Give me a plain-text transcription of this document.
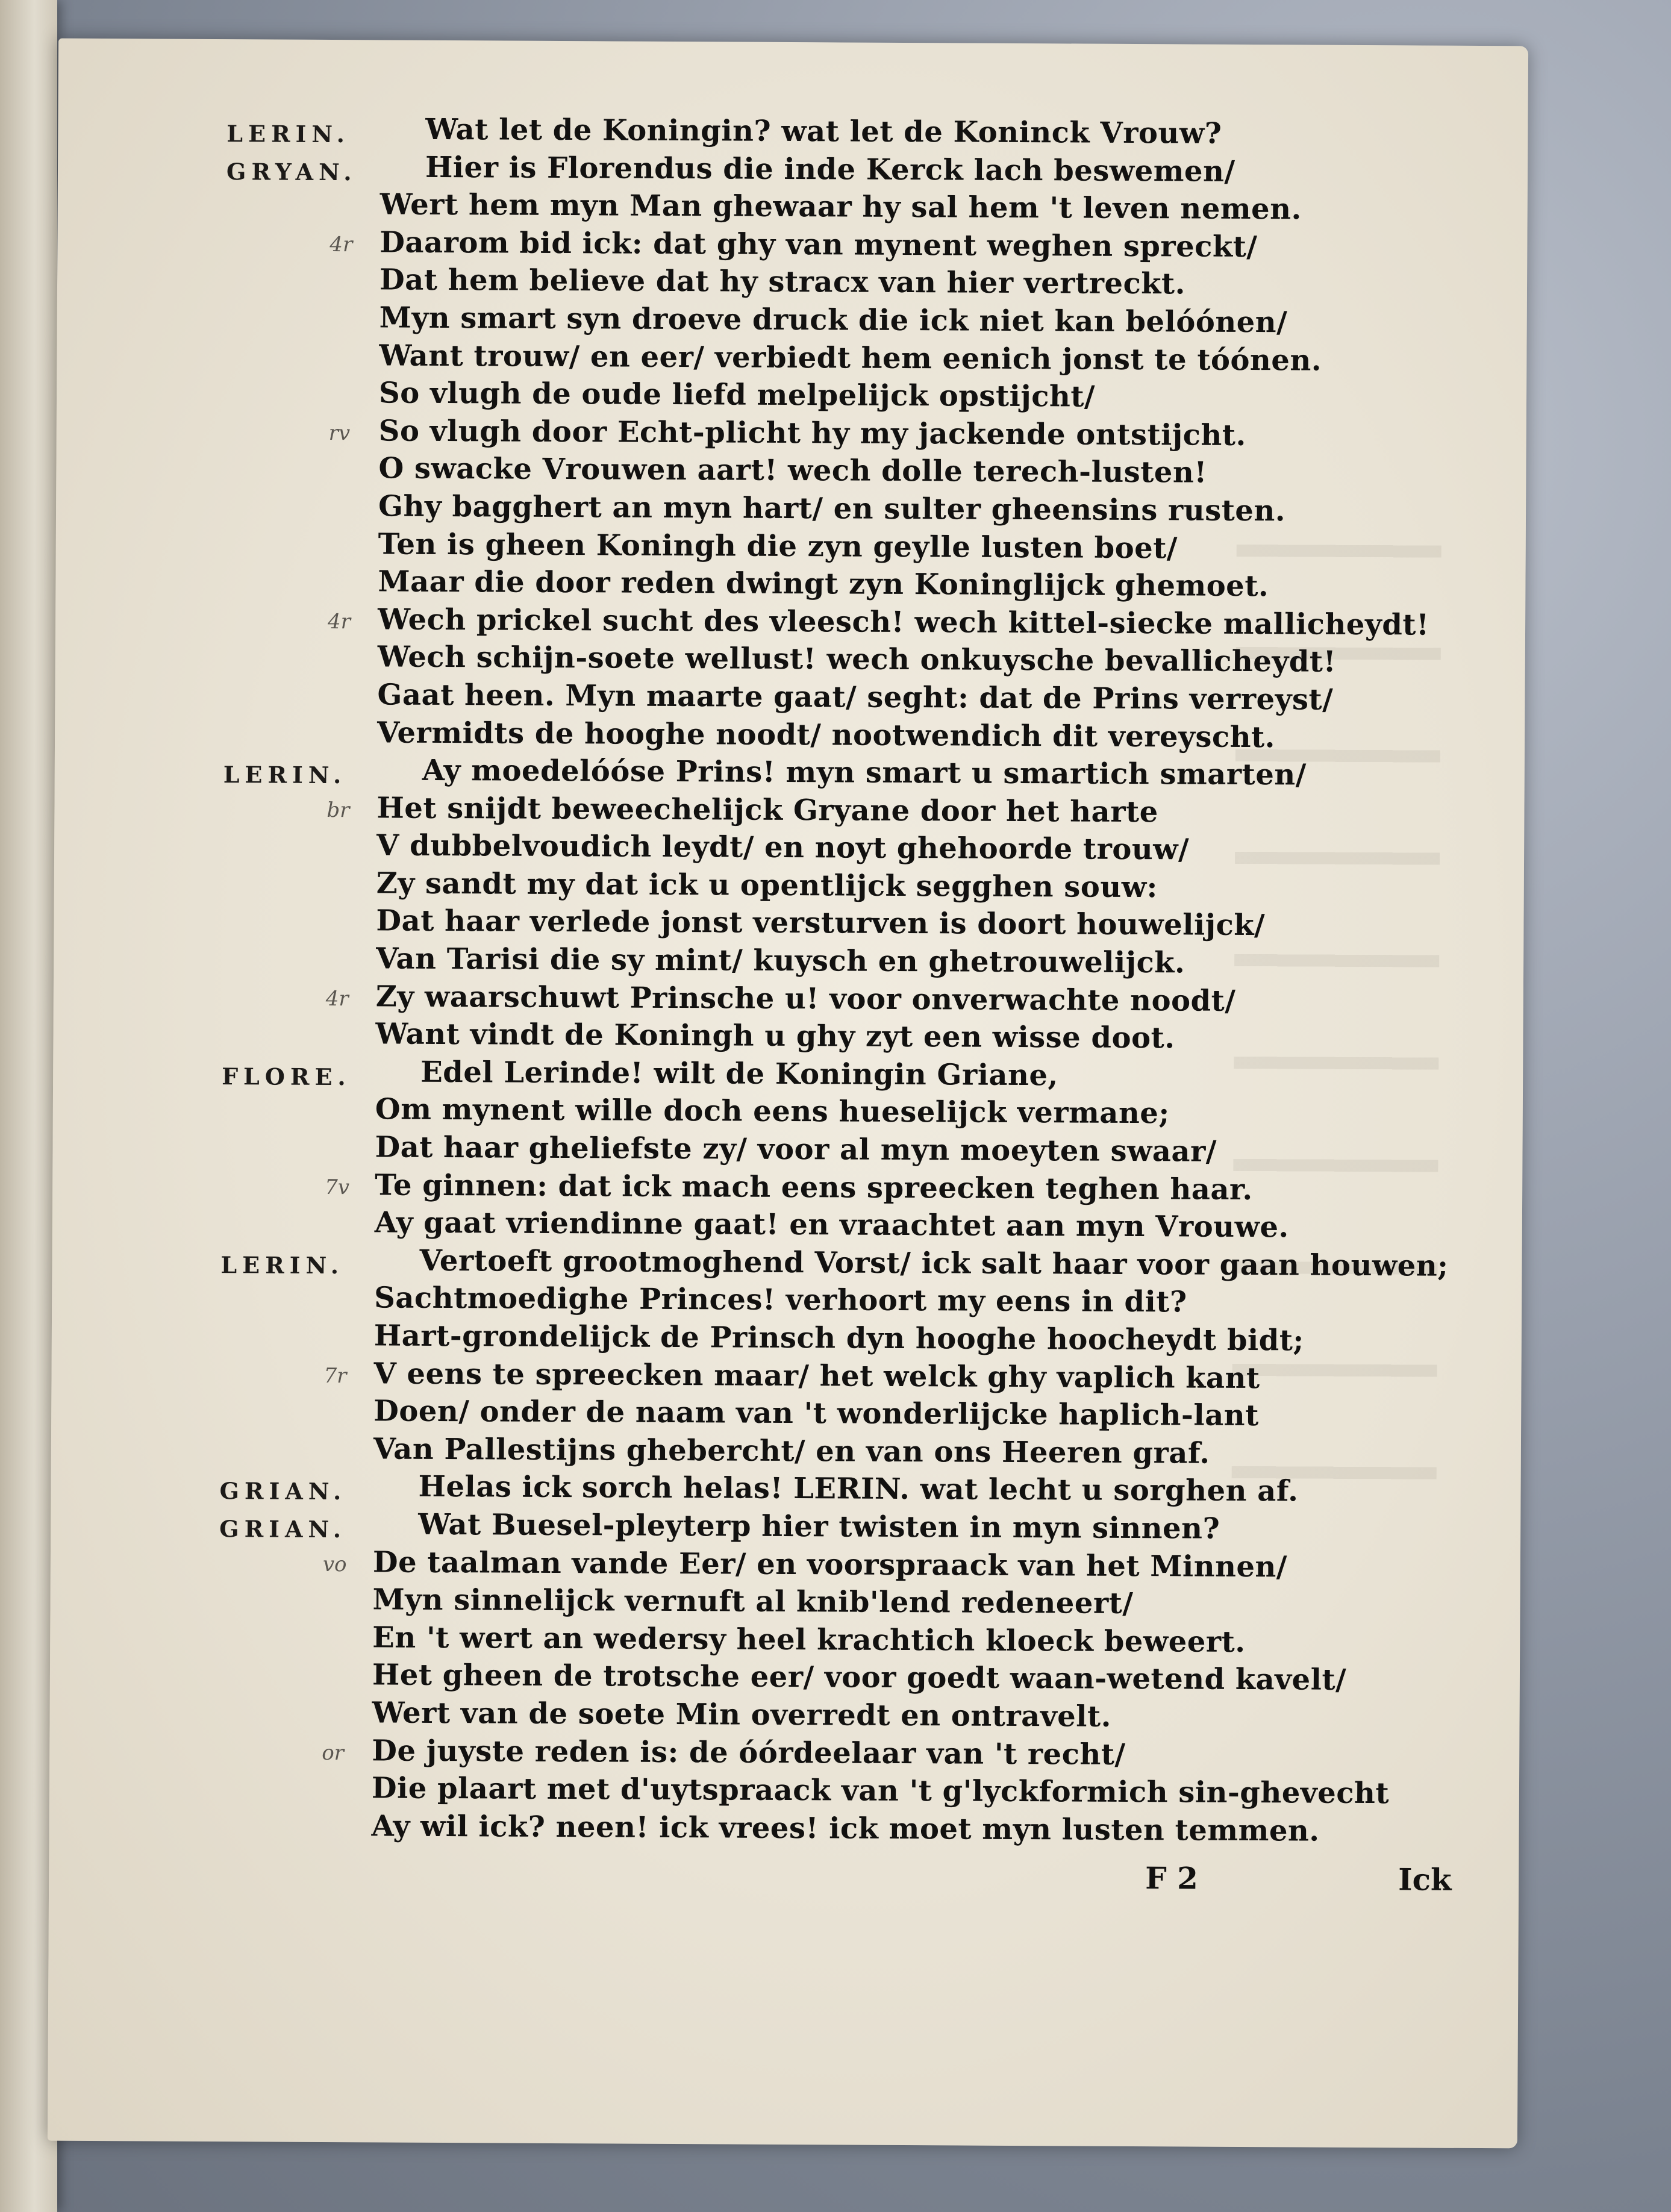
LERIN.	Wat let de Koningin? wat let de Koninck Vrouw?
GRYAN. Hier is Florendus die inde Kerck lach beswemen/
Wert hem myn Man ghewaar hy sal hem 't leven nemen.
4r Daarom bid ick: dat ghy van mynent weghen spreckt/
Dat hem believe dat hy stracx van hier vertreckt.
Myn smart syn droeve druck die ick niet kan belóónen/
Want trouw/ en eer/ verbiedt hem eenich jonst te tóónen.
So vlugh de oude liefd melpelijck opstijcht/
rv So vlugh door Echt-plicht hy my jackende ontstijcht.
O swacke Vrouwen aart! wech dolle terech-lusten!
Ghy bagghert an myn hart/ en sulter gheensins rusten.
Ten is gheen Koningh die zyn geylle lusten boet/
Maar die door reden dwingt zyn Koninglijck ghemoet.
4r Wech prickel sucht des vleesch! wech kittel-siecke mallicheydt!
Wech schijn-soete wellust! wech onkuysche bevallicheydt!
Gaat heen. Myn maarte gaat/ seght: dat de Prins verreyst/
Vermidts de hooghe noodt/ nootwendich dit vereyscht.
LERIN.	Ay moedelóóse Prins! myn smart u smartich smarten/
br Het snijdt beweechelijck Gryane door het harte
V dubbelvoudich leydt/ en noyt ghehoorde trouw/
Zy sandt my dat ick u opentlijck segghen souw:
Dat haar verlede jonst versturven is doort houwelijck/
Van Tarisi die sy mint/ kuysch en ghetrouwelijck.
4r Zy waarschuwt Prinsche u! voor onverwachte noodt/
Want vindt de Koningh u ghy zyt een wisse doot.
FLORE. Edel Lerinde! wilt de Koningin Griane,
Om mynent wille doch eens hueselijck vermane;
Dat haar gheliefste zy/ voor al myn moeyten swaar/
7v Te ginnen: dat ick mach eens spreecken teghen haar.
Ay gaat vriendinne gaat! en vraachtet aan myn Vrouwe.
LERIN.	Vertoeft grootmoghend Vorst/ ick salt haar voor gaan houwen;
Sachtmoedighe Princes! verhoort my eens in dit?
Hart-grondelijck de Prinsch dyn hooghe hoocheydt bidt;
7r V eens te spreecken maar/ het welck ghy vaplich kant
Doen/ onder de naam van 't wonderlijcke haplich-lant
Van Pallestijns ghebercht/ en van ons Heeren graf.
GRIAN. Helas ick sorch helas! LERIN. wat lecht u sorghen af.
GRIAN. Wat Buesel-pleyterp hier twisten in myn sinnen?
vo De taalman vande Eer/ en voorspraack van het Minnen/
Myn sinnelijck vernuft al knib'lend redeneert/
En 't wert an wedersy heel krachtich kloeck beweert.
Het gheen de trotsche eer/ voor goedt waan-wetend kavelt/
Wert van de soete Min overredt en ontravelt.
or De juyste reden is: de óórdeelaar van 't recht/
Die plaart met d'uytspraack van 't g'lyckformich sin-ghevecht
Ay wil ick? neen! ick vrees! ick moet myn lusten temmen.
F 2	Ick
